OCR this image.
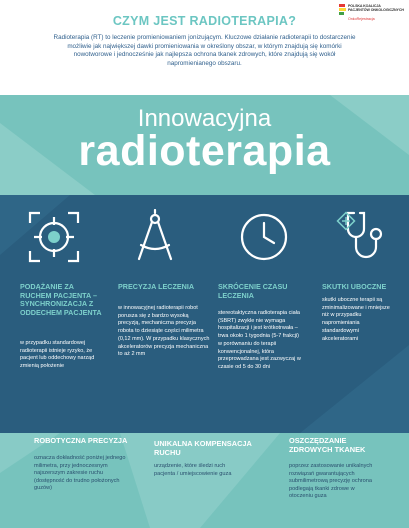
POLSKA KOALICJA
PACJENTÓW ONKOLOGICZNYCH
OnkoRejestracja
CZYM JEST RADIOTERAPIA?
Radioterapia (RT) to leczenie promieniowaniem jonizującym. Kluczowe działanie radioterapii to dostarczenie możliwie jak największej dawki promieniowania w określony obszar, w którym znajdują się komórki nowotworowe i jednocześnie jak najlepsza ochrona tkanek zdrowych, które znajdują się wokół napromienianego obszaru.
Innowacyjna
radioterapia
PODĄŻANIE ZA RUCHEM PACJENTA – SYNCHRONIZACJA Z ODDECHEM PACJENTA
w przypadku standardowej radioterapii istnieje ryzyko, że pacjent lub oddechowy narząd zmienią położenie
PRECYZJA LECZENIA
w innowacyjnej radioterapii robot porusza się z bardzo wysoką precyzją, mechaniczna precyzja robota to dziesiąte części milimetra (0,12 mm). W przypadku klasycznych akceleratorów precyzja mechaniczna to aż 2 mm
SKRÓCENIE CZASU LECZENIA
stereotaktyczna radioterapia ciała (SBRT) zwykle nie wymaga hospitalizacji i jest krótkotrwała – trwa około 1 tygodnia (5-7 frakcji) w porównaniu do terapii konwencjonalnej, która przeprowadzana jest zazwyczaj w czasie od 5 do 30 dni
SKUTKI UBOCZNE
skutki uboczne terapii są zminimalizowane i mniejsze niż w przypadku napromieniania standardowymi akceleratorami
ROBOTYCZNA PRECYZJA
oznacza dokładność poniżej jednego milimetra, przy jednoczesnym najszerszym zakresie ruchu (dostępność do trudno położonych guzów)
UNIKALNA KOMPENSACJA RUCHU
urządzenie, które śledzi ruch pacjenta / umiejscowienie guza
OSZCZĘDZANIE ZDROWYCH TKANEK
poprzez zastosowanie unikalnych rozwiązań gwarantujących submilimetrową precyzję ochrona podlegają tkanki zdrowe w otoczeniu guza
